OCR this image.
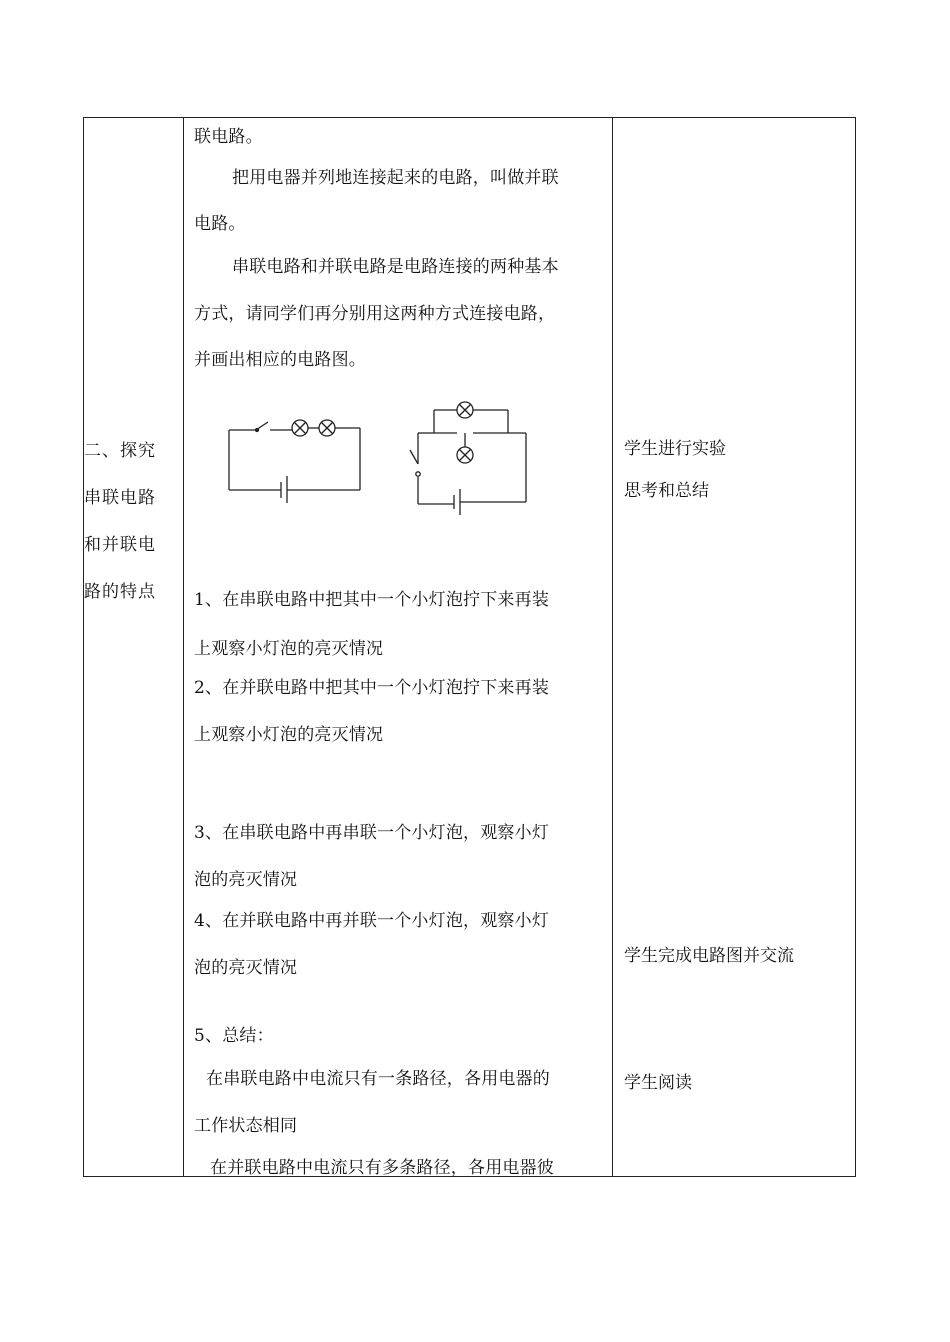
二、探究
串联电路
和并联电
路的特点
联电路。
把用电器并列地连接起来的电路，叫做并联
电路。
串联电路和并联电路是电路连接的两种基本
方式，请同学们再分别用这两种方式连接电路，
并画出相应的电路图。
1、在串联电路中把其中一个小灯泡拧下来再装
上观察小灯泡的亮灭情况
2、在并联电路中把其中一个小灯泡拧下来再装
上观察小灯泡的亮灭情况
3、在串联电路中再串联一个小灯泡，观察小灯
泡的亮灭情况
4、在并联电路中再并联一个小灯泡，观察小灯
泡的亮灭情况
5、总结：
在串联电路中电流只有一条路径，各用电器的
工作状态相同
在并联电路中电流只有多条路径，各用电器彼
学生进行实验
思考和总结
学生完成电路图并交流
学生阅读
